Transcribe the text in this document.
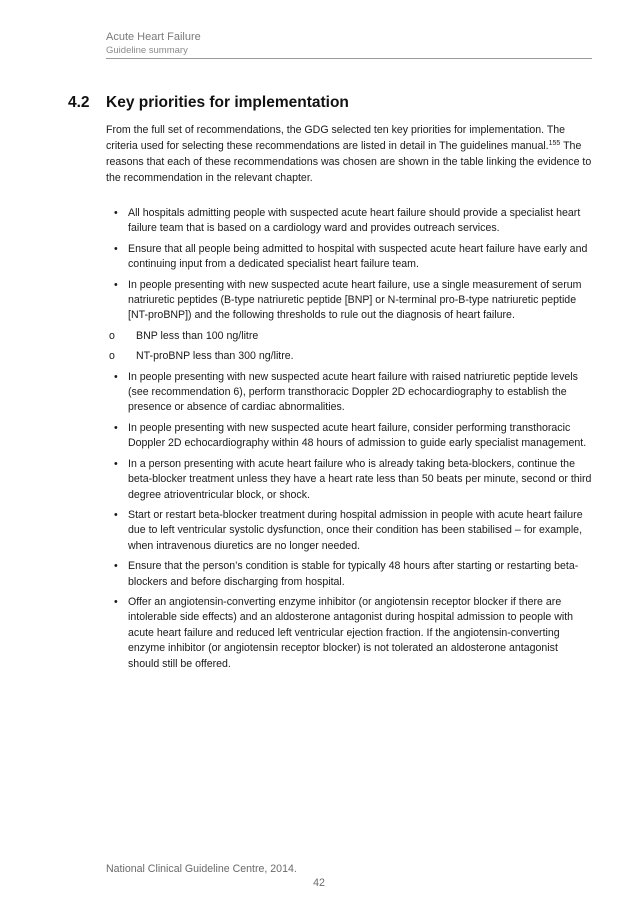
Acute Heart Failure
Guideline summary
4.2	Key priorities for implementation

From the full set of recommendations, the GDG selected ten key priorities for implementation. The criteria used for selecting these recommendations are listed in detail in The guidelines manual.$^{155}$ The reasons that each of these recommendations was chosen are shown in the table linking the evidence to the recommendation in the relevant chapter.

• All hospitals admitting people with suspected acute heart failure should provide a specialist heart failure team that is based on a cardiology ward and provides outreach services.
• Ensure that all people being admitted to hospital with suspected acute heart failure have early and continuing input from a dedicated specialist heart failure team.
• In people presenting with new suspected acute heart failure, use a single measurement of serum natriuretic peptides (B-type natriuretic peptide [BNP] or N-terminal pro-B-type natriuretic peptide [NT-proBNP]) and the following thresholds to rule out the diagnosis of heart failure.
o BNP less than 100 ng/litre
o NT-proBNP less than 300 ng/litre.
• In people presenting with new suspected acute heart failure with raised natriuretic peptide levels (see recommendation 6), perform transthoracic Doppler 2D echocardiography to establish the presence or absence of cardiac abnormalities.
• In people presenting with new suspected acute heart failure, consider performing transthoracic Doppler 2D echocardiography within 48 hours of admission to guide early specialist management.
• In a person presenting with acute heart failure who is already taking beta-blockers, continue the beta-blocker treatment unless they have a heart rate less than 50 beats per minute, second or third degree atrioventricular block, or shock.
• Start or restart beta-blocker treatment during hospital admission in people with acute heart failure due to left ventricular systolic dysfunction, once their condition has been stabilised – for example, when intravenous diuretics are no longer needed.
• Ensure that the person’s condition is stable for typically 48 hours after starting or restarting beta-blockers and before discharging from hospital.
• Offer an angiotensin-converting enzyme inhibitor (or angiotensin receptor blocker if there are intolerable side effects) and an aldosterone antagonist during hospital admission to people with acute heart failure and reduced left ventricular ejection fraction. If the angiotensin-converting enzyme inhibitor (or angiotensin receptor blocker) is not tolerated an aldosterone antagonist should still be offered.
National Clinical Guideline Centre, 2014.
42
